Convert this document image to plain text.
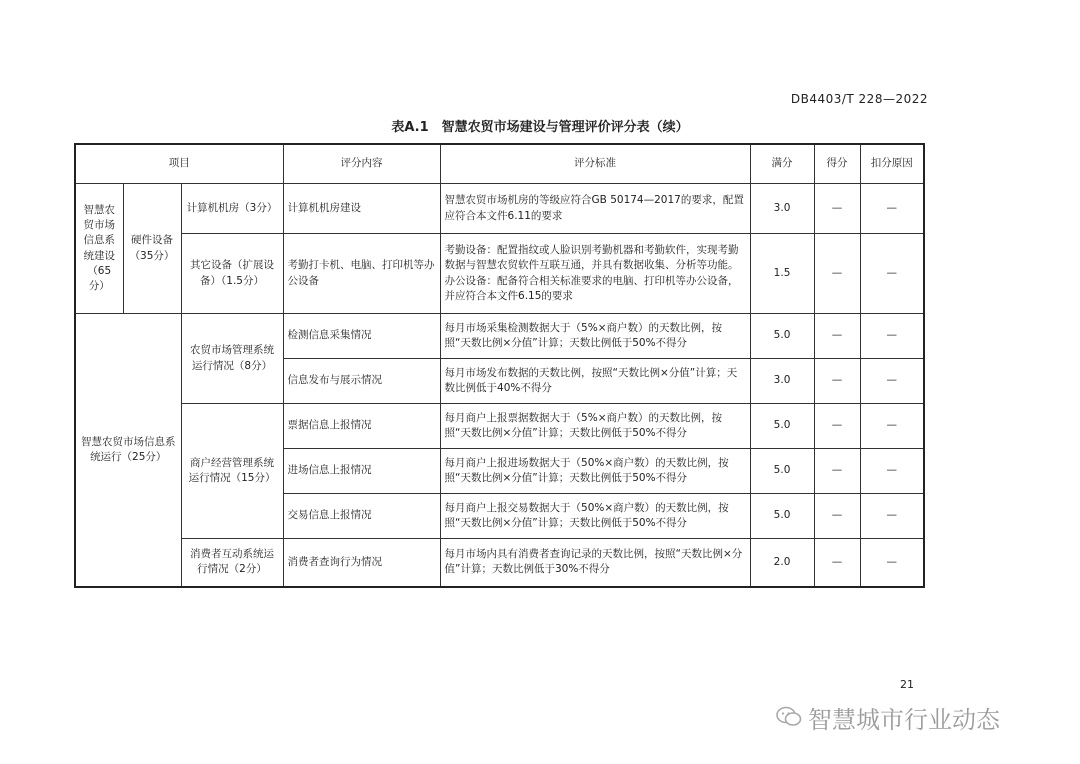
DB4403/T 228—2022
表A.1　智慧农贸市场建设与管理评价评分表（续）
项目			评分内容	评分标准	满分	得分	扣分原因
智慧农贸市场信息系统建设（65分）	硬件设备（35分）	计算机机房（3分）	计算机机房建设	智慧农贸市场机房的等级应符合GB 50174—2017的要求，配置应符合本文件6.11的要求	3.0	—	—
		其它设备（扩展设备）（1.5分）	考勤打卡机、电脑、打印机等办公设备	考勤设备：配置指纹或人脸识别考勤机器和考勤软件，实现考勤数据与智慧农贸软件互联互通，并具有数据收集、分析等功能。办公设备：配备符合相关标准要求的电脑、打印机等办公设备，并应符合本文件6.15的要求	1.5	—	—
智慧农贸市场信息系统运行（25分）		农贸市场管理系统运行情况（8分）	检测信息采集情况	每月市场采集检测数据大于（5%×商户数）的天数比例，按照“天数比例×分值”计算；天数比例低于50%不得分	5.0	—	—
			信息发布与展示情况	每月市场发布数据的天数比例，按照“天数比例×分值”计算；天数比例低于40%不得分	3.0	—	—
		商户经营管理系统运行情况（15分）	票据信息上报情况	每月商户上报票据数据大于（5%×商户数）的天数比例，按照“天数比例×分值”计算；天数比例低于50%不得分	5.0	—	—
			进场信息上报情况	每月商户上报进场数据大于（50%×商户数）的天数比例，按照“天数比例×分值”计算；天数比例低于50%不得分	5.0	—	—
			交易信息上报情况	每月商户上报交易数据大于（50%×商户数）的天数比例，按照“天数比例×分值”计算；天数比例低于50%不得分	5.0	—	—
		消费者互动系统运行情况（2分）	消费者查询行为情况	每月市场内具有消费者查询记录的天数比例，按照“天数比例×分值”计算；天数比例低于30%不得分	2.0	—	—
21
智慧城市行业动态
